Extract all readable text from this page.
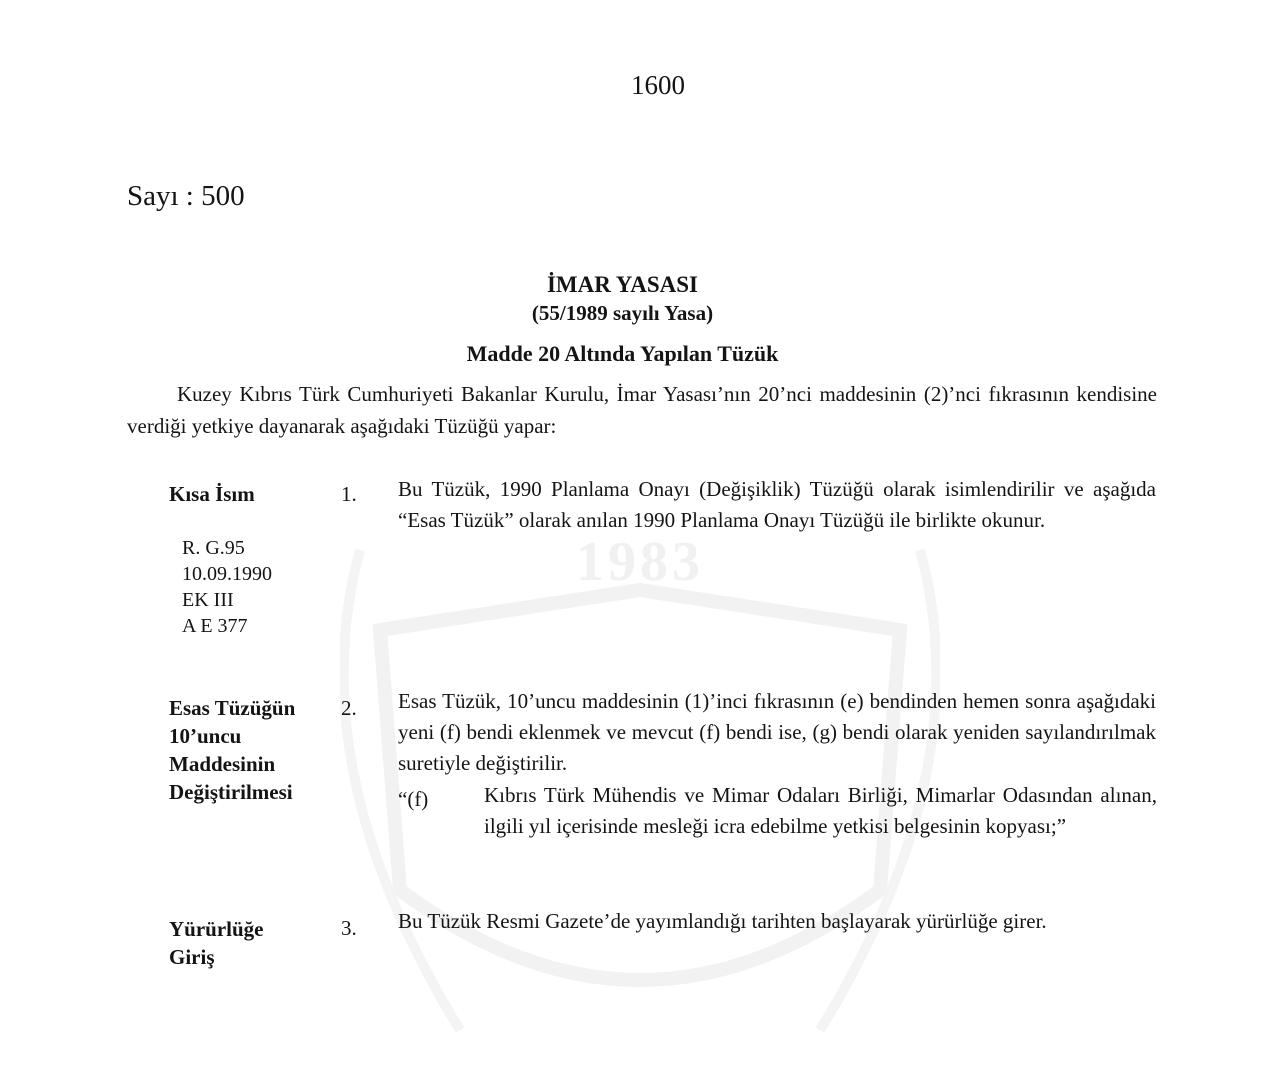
1983
1600
Sayı : 500
İMAR YASASI
(55/1989 sayılı Yasa)
Madde 20 Altında Yapılan Tüzük
Kuzey Kıbrıs Türk Cumhuriyeti Bakanlar Kurulu, İmar Yasası’nın 20’nci maddesinin (2)’nci fıkrasının kendisine verdiği yetkiye dayanarak aşağıdaki Tüzüğü yapar:
Kısa İsım
R. G.95
10.09.1990
EK III
A E 377
1. Bu Tüzük, 1990 Planlama Onayı (Değişiklik) Tüzüğü olarak isimlendirilir ve aşağıda “Esas Tüzük” olarak anılan 1990 Planlama Onayı Tüzüğü ile birlikte okunur.
Esas Tüzüğün
10’uncu
Maddesinin
Değiştirilmesi
2. Esas Tüzük, 10’uncu maddesinin (1)’inci fıkrasının (e) bendinden hemen sonra aşağıdaki yeni (f) bendi eklenmek ve mevcut (f) bendi ise, (g) bendi olarak yeniden sayılandırılmak suretiyle değiştirilir.
“(f)	Kıbrıs Türk Mühendis ve Mimar Odaları Birliği, Mimarlar Odasından alınan, ilgili yıl içerisinde mesleği icra edebilme yetkisi belgesinin kopyası;”
Yürürlüğe
Giriş
3. Bu Tüzük Resmi Gazete’de yayımlandığı tarihten başlayarak yürürlüğe girer.
